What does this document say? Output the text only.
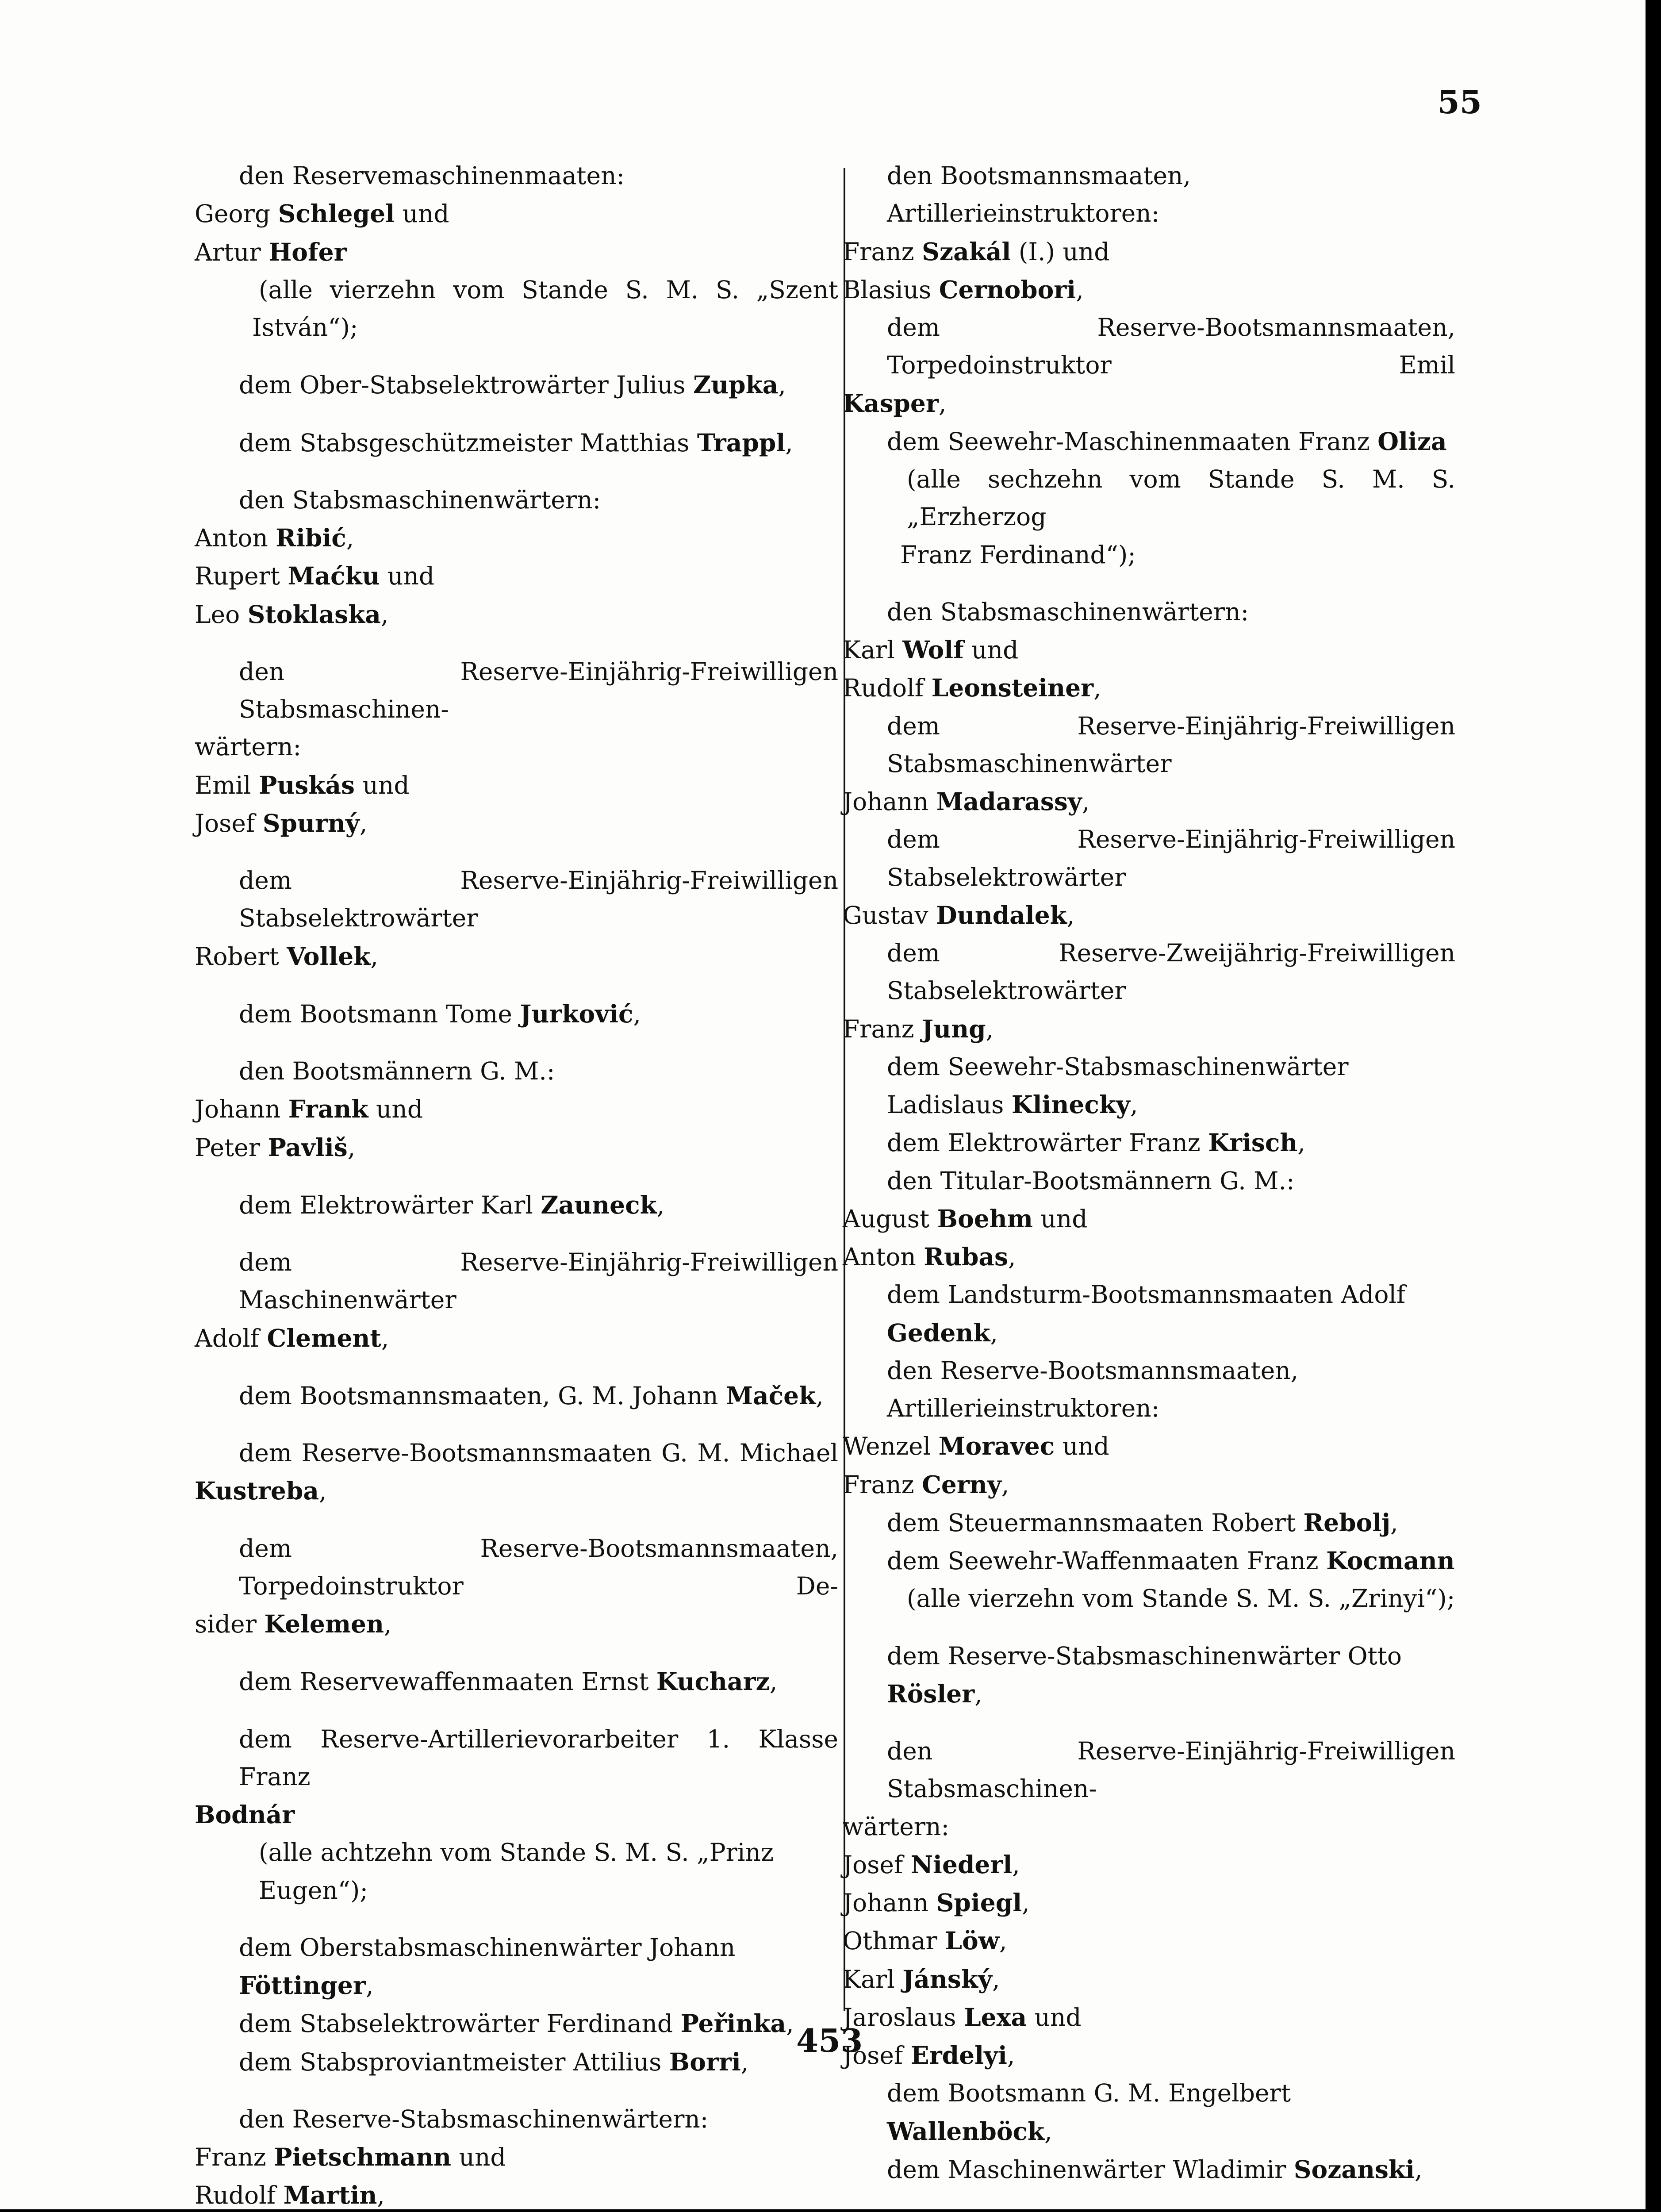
55

den Reservemaschinenmaaten:

Georg Schlegel und

Artur Hofer

(alle vierzehn vom Stande S. M. S. „Szent

István“);

dem Ober-Stabselektrowärter Julius Zupka,

dem Stabsgeschützmeister Matthias Trappl,

den Stabsmaschinenwärtern:

Anton Ribić,

Rupert Maćku und

Leo Stoklaska,

den Reserve-Einjährig-Freiwilligen Stabsmaschinen-

wärtern:

Emil Puskás und

Josef Spurný,

dem Reserve-Einjährig-Freiwilligen Stabselektrowärter

Robert Vollek,

dem Bootsmann Tome Jurković,

den Bootsmännern G. M.:

Johann Frank und

Peter Pavliš,

dem Elektrowärter Karl Zauneck,

dem Reserve-Einjährig-Freiwilligen Maschinenwärter

Adolf Clement,

dem Bootsmannsmaaten, G. M. Johann Maček,

dem Reserve-Bootsmannsmaaten G. M. Michael

Kustreba,

dem Reserve-Bootsmannsmaaten, Torpedoinstruktor De-

sider Kelemen,

dem Reservewaffenmaaten Ernst Kucharz,

dem Reserve-Artillerievorarbeiter 1. Klasse Franz

Bodnár

(alle achtzehn vom Stande S. M. S. „Prinz Eugen“);

dem Oberstabsmaschinenwärter Johann Föttinger,

dem Stabselektrowärter Ferdinand Peřinka,

dem Stabsproviantmeister Attilius Borri,

den Reserve-Stabsmaschinenwärtern:

Franz Pietschmann und

Rudolf Martin,

den Bootsmannsmaaten, Artillerieinstruktoren:

Franz Szakál (I.) und

Blasius Cernobori,

dem Reserve-Bootsmannsmaaten, Torpedoinstruktor Emil

Kasper,

dem Seewehr-Maschinenmaaten Franz Oliza

(alle sechzehn vom Stande S. M. S. „Erzherzog

Franz Ferdinand“);

den Stabsmaschinenwärtern:

Karl Wolf und

Rudolf Leonsteiner,

dem Reserve-Einjährig-Freiwilligen Stabsmaschinenwärter

Johann Madarassy,

dem Reserve-Einjährig-Freiwilligen Stabselektrowärter

Gustav Dundalek,

dem Reserve-Zweijährig-Freiwilligen Stabselektrowärter

Franz Jung,

dem Seewehr-Stabsmaschinenwärter Ladislaus Klinecky,

dem Elektrowärter Franz Krisch,

den Titular-Bootsmännern G. M.:

August Boehm und

Anton Rubas,

dem Landsturm-Bootsmannsmaaten Adolf Gedenk,

den Reserve-Bootsmannsmaaten, Artillerieinstruktoren:

Wenzel Moravec und

Franz Cerny,

dem Steuermannsmaaten Robert Rebolj,

dem Seewehr-Waffenmaaten Franz Kocmann

(alle vierzehn vom Stande S. M. S. „Zrinyi“);

dem Reserve-Stabsmaschinenwärter Otto Rösler,

den Reserve-Einjährig-Freiwilligen Stabsmaschinen-

wärtern:

Josef Niederl,

Johann Spiegl,

Othmar Löw,

Karl Jánský,

Jaroslaus Lexa und

Josef Erdelyi,

dem Bootsmann G. M. Engelbert Wallenböck,

dem Maschinenwärter Wladimir Sozanski,

453
